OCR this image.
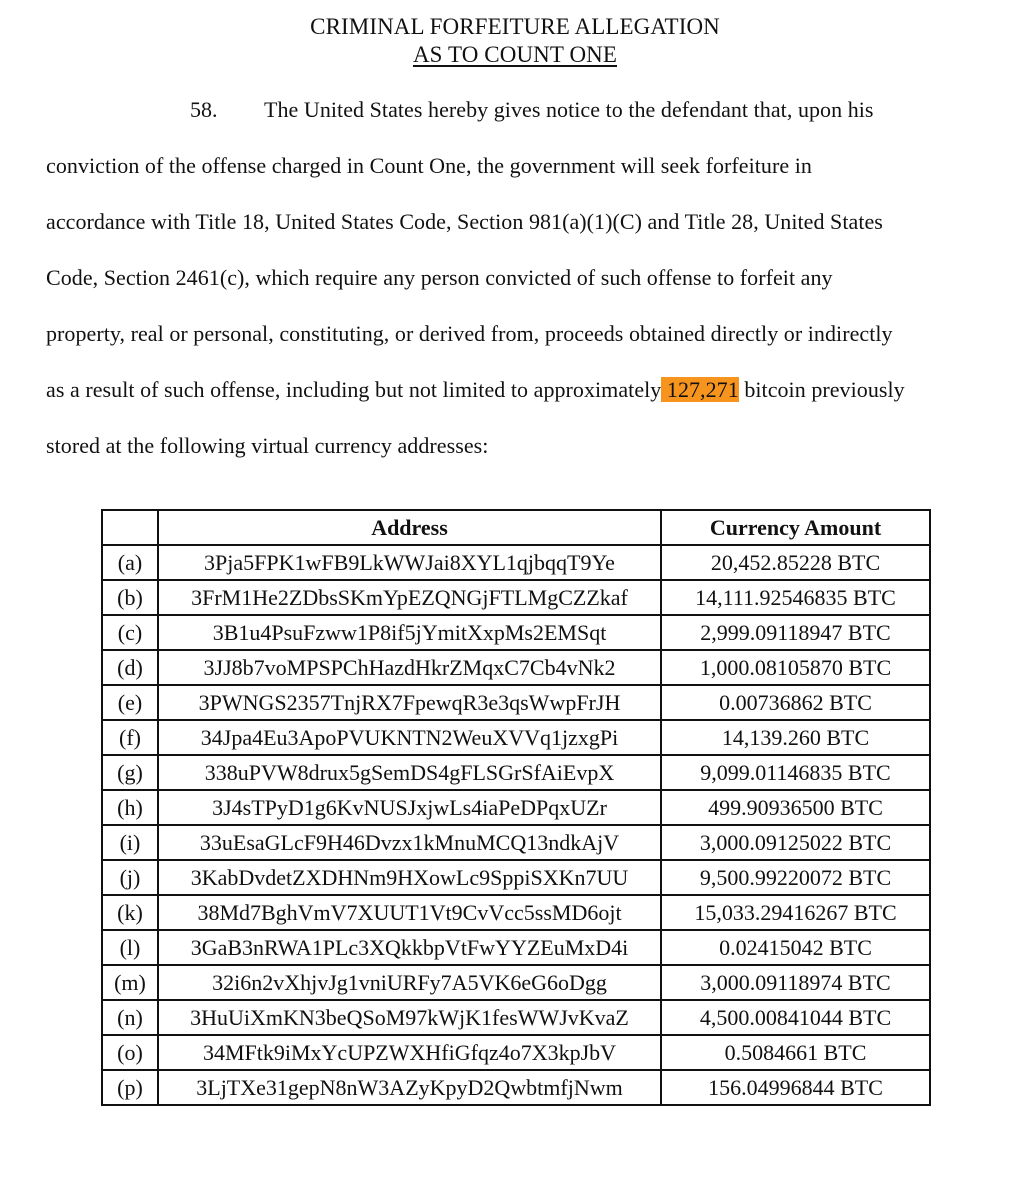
CRIMINAL FORFEITURE ALLEGATION
AS TO COUNT ONE
58. The United States hereby gives notice to the defendant that, upon his
conviction of the offense charged in Count One, the government will seek forfeiture in
accordance with Title 18, United States Code, Section 981(a)(1)(C) and Title 28, United States
Code, Section 2461(c), which require any person convicted of such offense to forfeit any
property, real or personal, constituting, or derived from, proceeds obtained directly or indirectly
as a result of such offense, including but not limited to approximately 127,271 bitcoin previously
stored at the following virtual currency addresses:
	Address	Currency Amount
(a)	3Pja5FPK1wFB9LkWWJai8XYL1qjbqqT9Ye	20,452.85228 BTC
(b)	3FrM1He2ZDbsSKmYpEZQNGjFTLMgCZZkaf	14,111.92546835 BTC
(c)	3B1u4PsuFzww1P8if5jYmitXxpMs2EMSqt	2,999.09118947 BTC
(d)	3JJ8b7voMPSPChHazdHkrZMqxC7Cb4vNk2	1,000.08105870 BTC
(e)	3PWNGS2357TnjRX7FpewqR3e3qsWwpFrJH	0.00736862 BTC
(f)	34Jpa4Eu3ApoPVUKNTN2WeuXVVq1jzxgPi	14,139.260 BTC
(g)	338uPVW8drux5gSemDS4gFLSGrSfAiEvpX	9,099.01146835 BTC
(h)	3J4sTPyD1g6KvNUSJxjwLs4iaPeDPqxUZr	499.90936500 BTC
(i)	33uEsaGLcF9H46Dvzx1kMnuMCQ13ndkAjV	3,000.09125022 BTC
(j)	3KabDvdetZXDHNm9HXowLc9SppiSXKn7UU	9,500.99220072 BTC
(k)	38Md7BghVmV7XUUT1Vt9CvVcc5ssMD6ojt	15,033.29416267 BTC
(l)	3GaB3nRWA1PLc3XQkkbpVtFwYYZEuMxD4i	0.02415042 BTC
(m)	32i6n2vXhjvJg1vniURFy7A5VK6eG6oDgg	3,000.09118974 BTC
(n)	3HuUiXmKN3beQSoM97kWjK1fesWWJvKvaZ	4,500.00841044 BTC
(o)	34MFtk9iMxYcUPZWXHfiGfqz4o7X3kpJbV	0.5084661 BTC
(p)	3LjTXe31gepN8nW3AZyKpyD2QwbtmfjNwm	156.04996844 BTC
